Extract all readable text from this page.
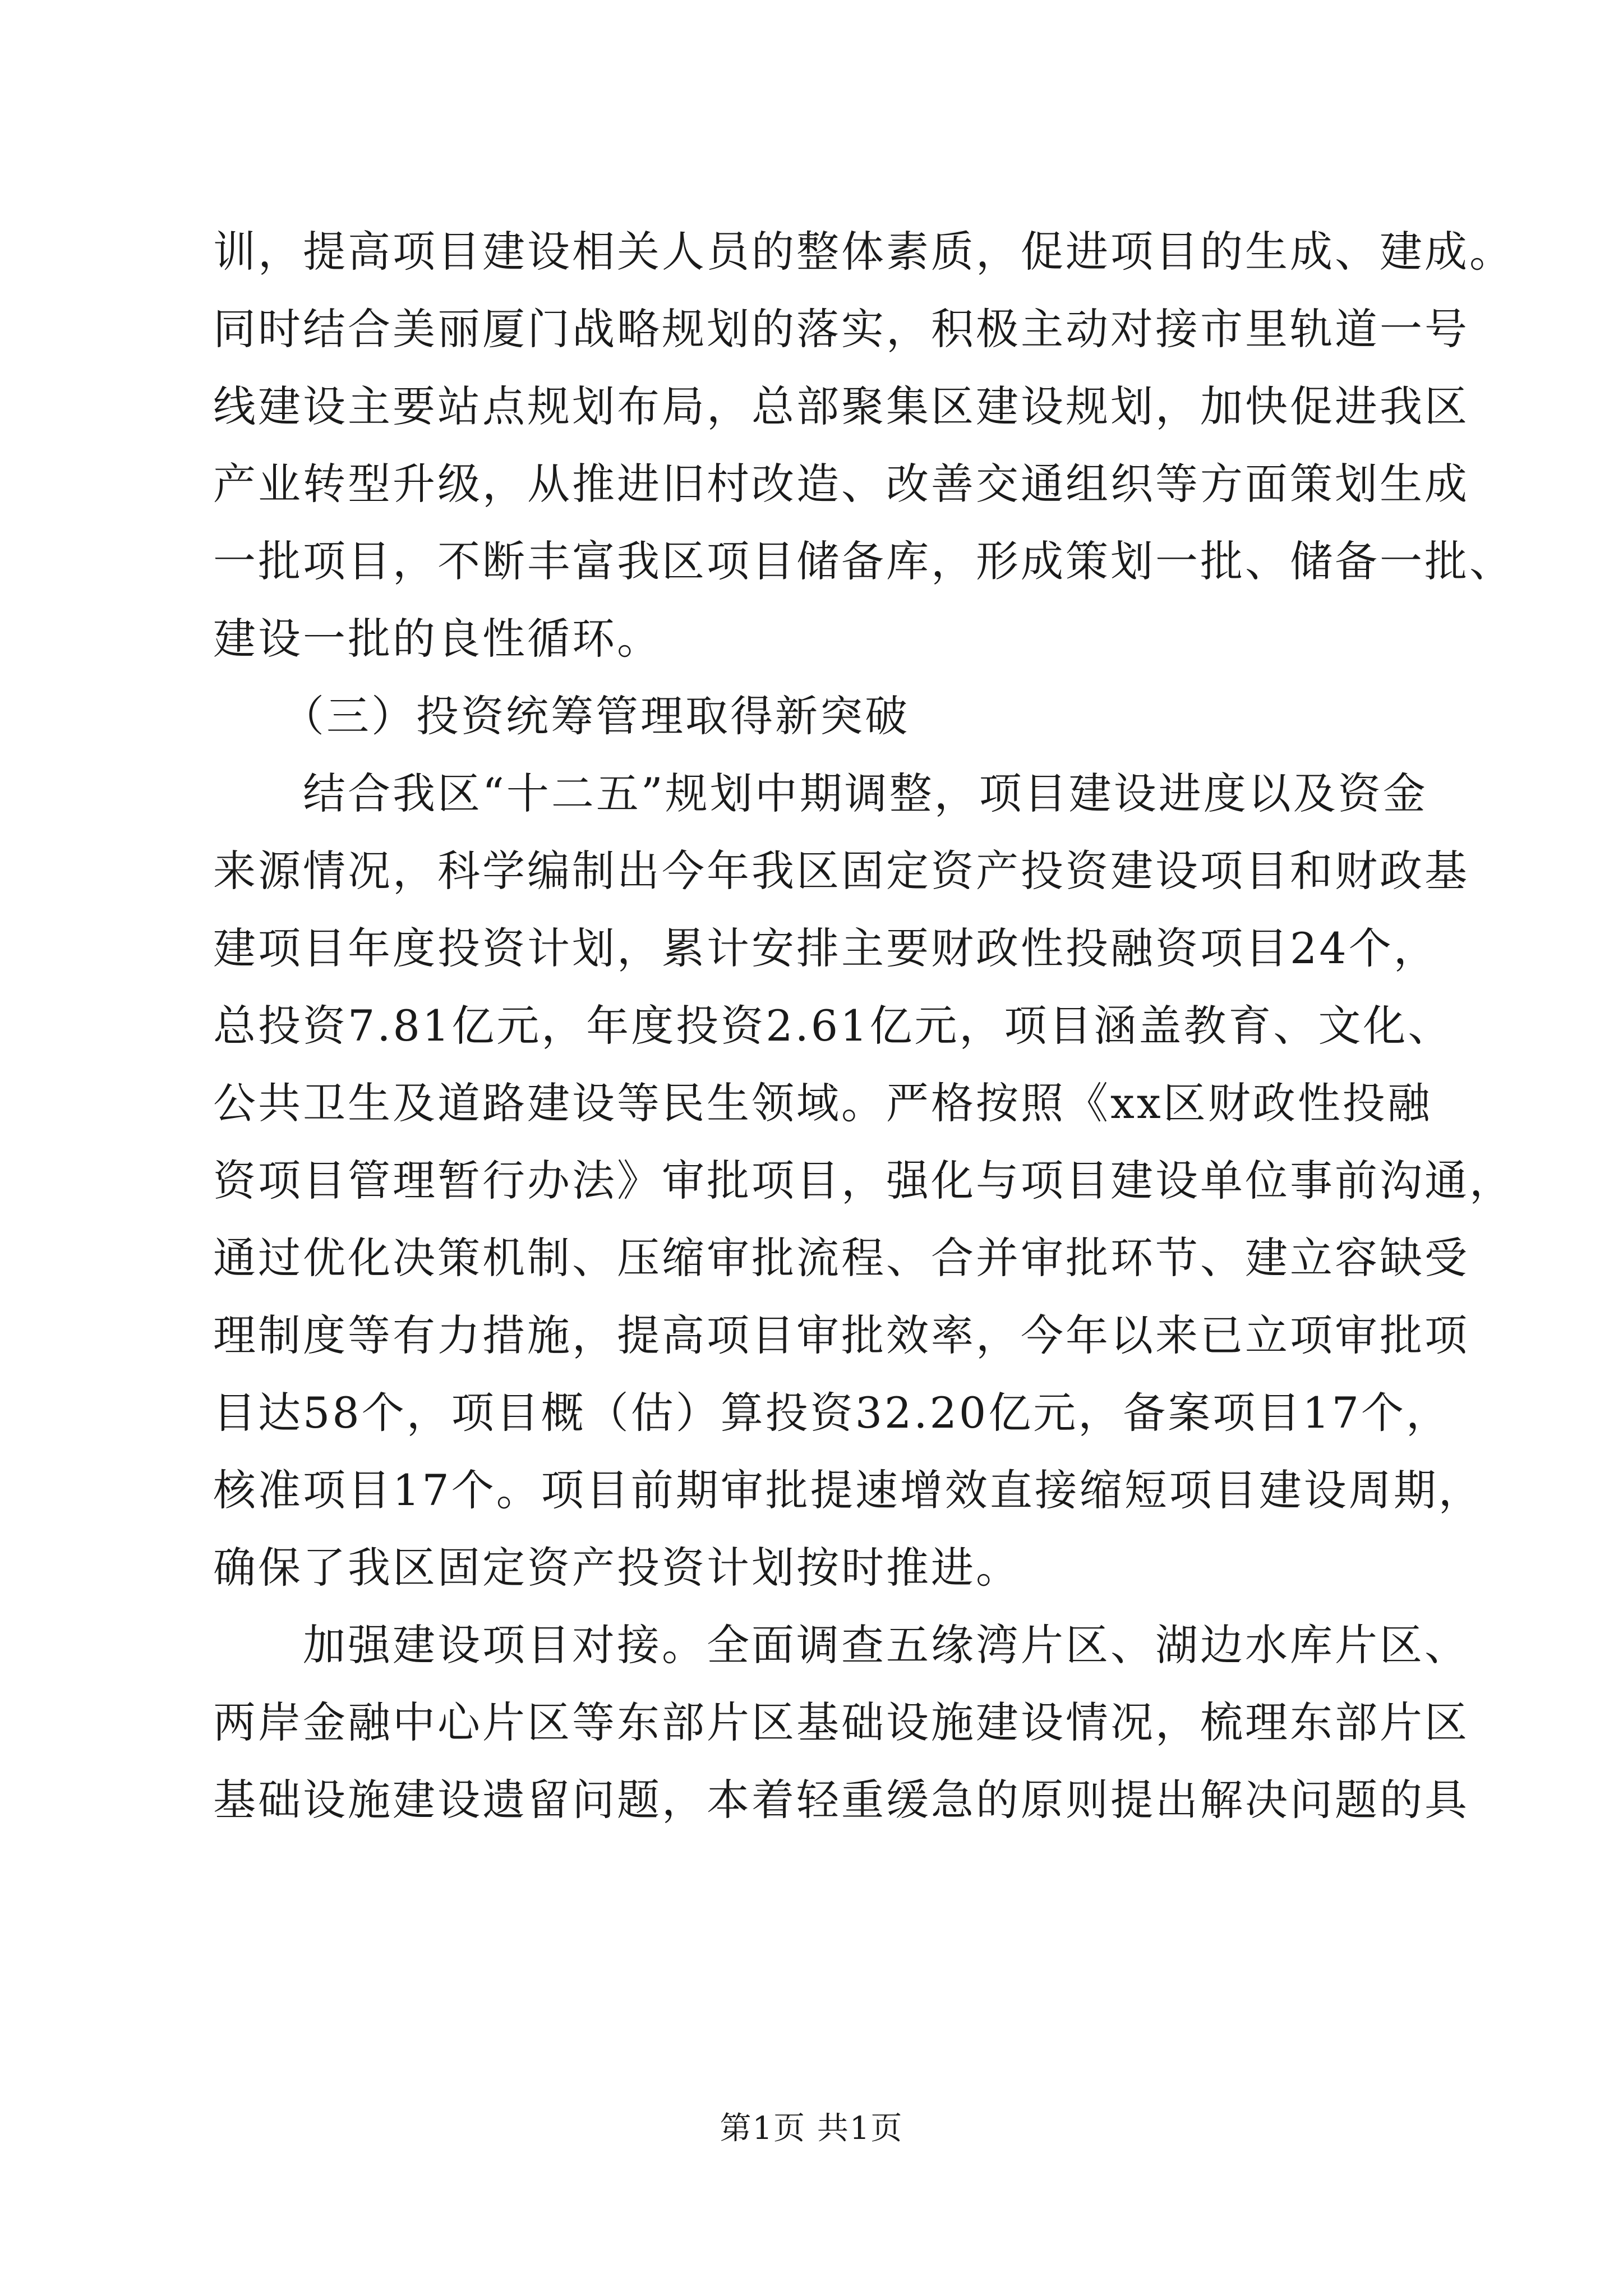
训，提高项目建设相关人员的整体素质，促进项目的生成、建成。
同时结合美丽厦门战略规划的落实，积极主动对接市里轨道一号
线建设主要站点规划布局，总部聚集区建设规划，加快促进我区
产业转型升级，从推进旧村改造、改善交通组织等方面策划生成
一批项目，不断丰富我区项目储备库，形成策划一批、储备一批、
建设一批的良性循环。
　　（三）投资统筹管理取得新突破
　　结合我区“十二五”规划中期调整，项目建设进度以及资金
来源情况，科学编制出今年我区固定资产投资建设项目和财政基
建项目年度投资计划，累计安排主要财政性投融资项目24个，
总投资7.81亿元，年度投资2.61亿元，项目涵盖教育、文化、
公共卫生及道路建设等民生领域。严格按照《xx区财政性投融
资项目管理暂行办法》审批项目，强化与项目建设单位事前沟通，
通过优化决策机制、压缩审批流程、合并审批环节、建立容缺受
理制度等有力措施，提高项目审批效率，今年以来已立项审批项
目达58个，项目概（估）算投资32.20亿元，备案项目17个，
核准项目17个。项目前期审批提速增效直接缩短项目建设周期，
确保了我区固定资产投资计划按时推进。
　　加强建设项目对接。全面调查五缘湾片区、湖边水库片区、
两岸金融中心片区等东部片区基础设施建设情况，梳理东部片区
基础设施建设遗留问题，本着轻重缓急的原则提出解决问题的具
第1页 共1页
